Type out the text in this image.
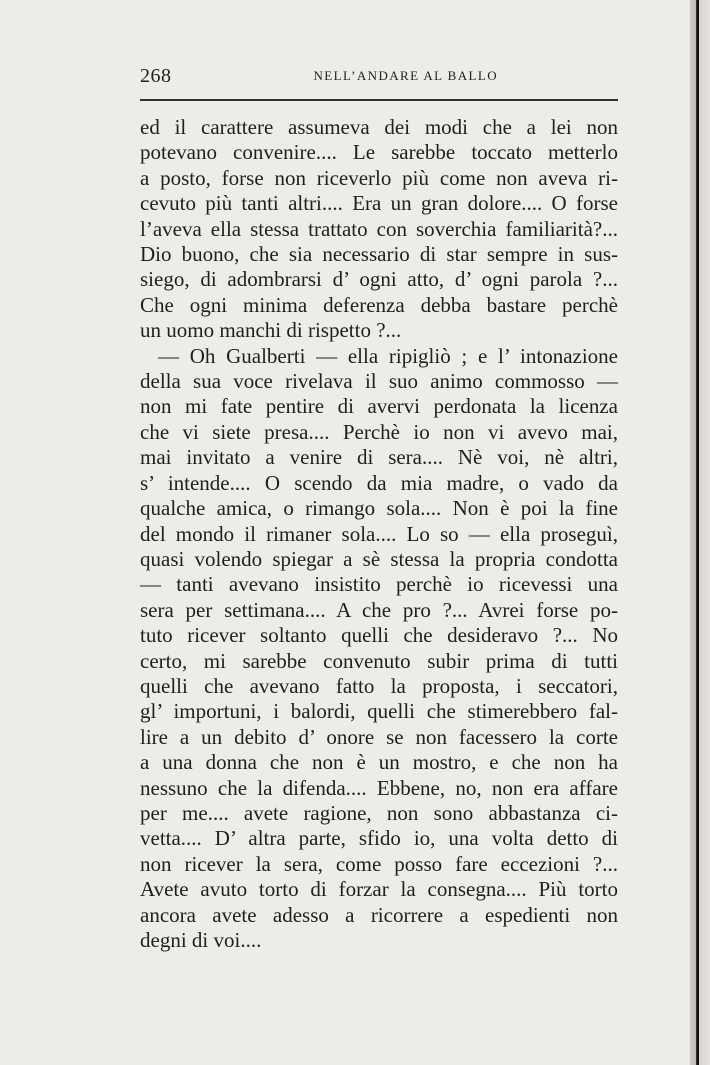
268	NELL’ANDARE AL BALLO
ed il carattere assumeva dei modi che a lei non
potevano convenire.... Le sarebbe toccato metterlo
a posto, forse non riceverlo più come non aveva ri-
cevuto più tanti altri.... Era un gran dolore.... O forse
l’aveva ella stessa trattato con soverchia familiarità?...
Dio buono, che sia necessario di star sempre in sus-
siego, di adombrarsi d’ ogni atto, d’ ogni parola ?...
Che ogni minima deferenza debba bastare perchè
un uomo manchi di rispetto ?...
— Oh Gualberti — ella ripigliò ; e l’ intonazione
della sua voce rivelava il suo animo commosso —
non mi fate pentire di avervi perdonata la licenza
che vi siete presa.... Perchè io non vi avevo mai,
mai invitato a venire di sera.... Nè voi, nè altri,
s’ intende.... O scendo da mia madre, o vado da
qualche amica, o rimango sola.... Non è poi la fine
del mondo il rimaner sola.... Lo so — ella proseguì,
quasi volendo spiegar a sè stessa la propria condotta
— tanti avevano insistito perchè io ricevessi una
sera per settimana.... A che pro ?... Avrei forse po-
tuto ricever soltanto quelli che desideravo ?... No
certo, mi sarebbe convenuto subir prima di tutti
quelli che avevano fatto la proposta, i seccatori,
gl’ importuni, i balordi, quelli che stimerebbero fal-
lire a un debito d’ onore se non facessero la corte
a una donna che non è un mostro, e che non ha
nessuno che la difenda.... Ebbene, no, non era affare
per me.... avete ragione, non sono abbastanza ci-
vetta.... D’ altra parte, sfido io, una volta detto di
non ricever la sera, come posso fare eccezioni ?...
Avete avuto torto di forzar la consegna.... Più torto
ancora avete adesso a ricorrere a espedienti non
degni di voi....
